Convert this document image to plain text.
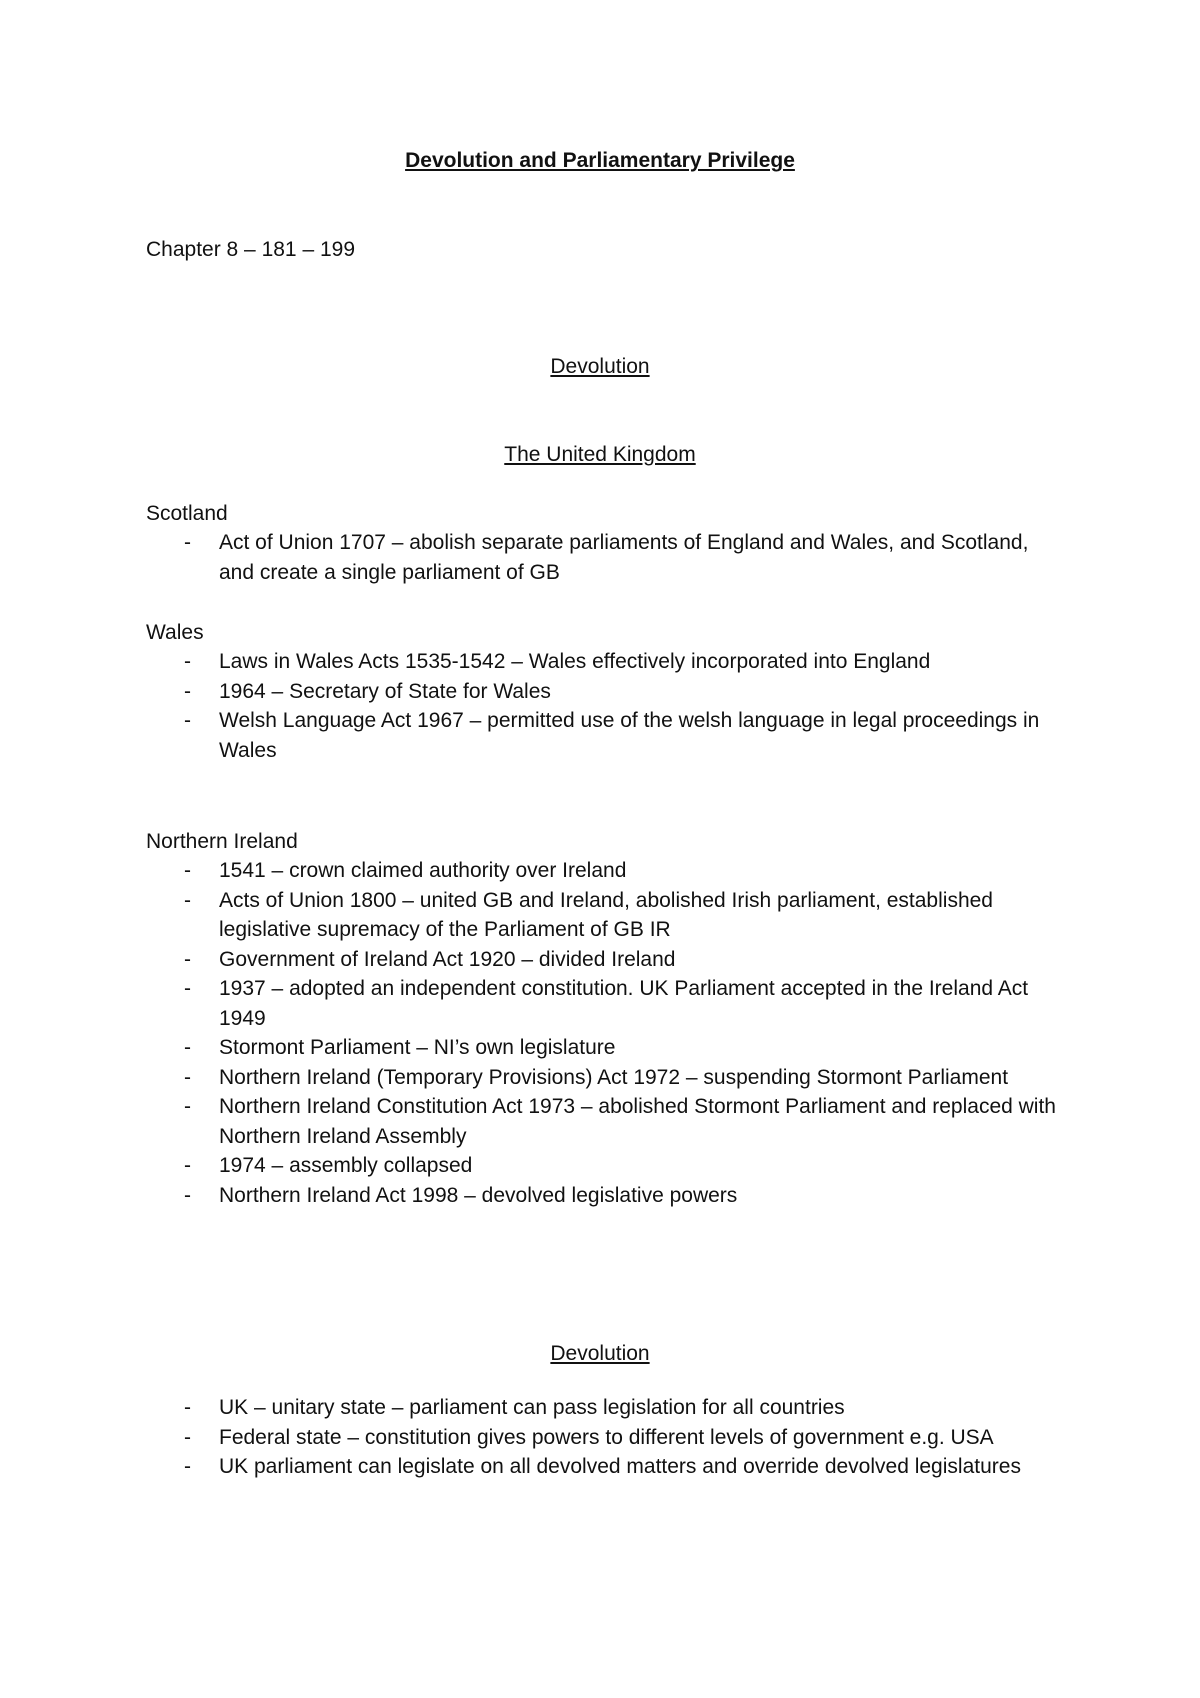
Devolution and Parliamentary Privilege
Chapter 8 – 181 – 199
Devolution
The United Kingdom
Scotland
- Act of Union 1707 – abolish separate parliaments of England and Wales, and Scotland, and create a single parliament of GB
Wales
- Laws in Wales Acts 1535-1542 – Wales effectively incorporated into England
- 1964 – Secretary of State for Wales
- Welsh Language Act 1967 – permitted use of the welsh language in legal proceedings in Wales
Northern Ireland
- 1541 – crown claimed authority over Ireland
- Acts of Union 1800 – united GB and Ireland, abolished Irish parliament, established legislative supremacy of the Parliament of GB IR
- Government of Ireland Act 1920 – divided Ireland
- 1937 – adopted an independent constitution. UK Parliament accepted in the Ireland Act 1949
- Stormont Parliament – NI’s own legislature
- Northern Ireland (Temporary Provisions) Act 1972 – suspending Stormont Parliament
- Northern Ireland Constitution Act 1973 – abolished Stormont Parliament and replaced with Northern Ireland Assembly
- 1974 – assembly collapsed
- Northern Ireland Act 1998 – devolved legislative powers
Devolution
- UK – unitary state – parliament can pass legislation for all countries
- Federal state – constitution gives powers to different levels of government e.g. USA
- UK parliament can legislate on all devolved matters and override devolved legislatures
